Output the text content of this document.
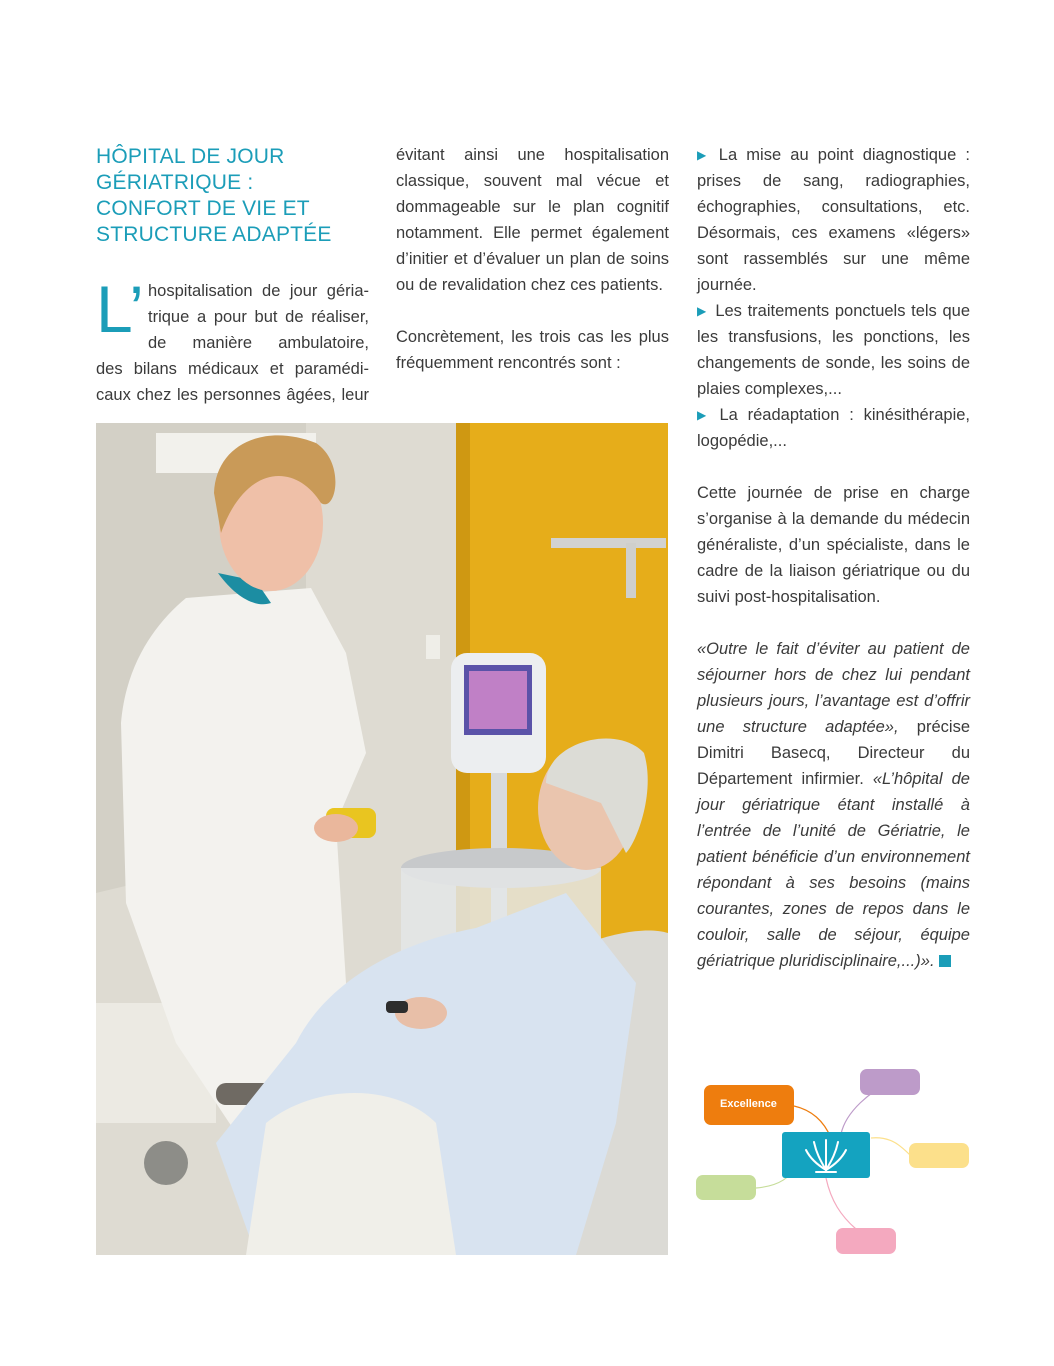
HÔPITAL DE JOUR
GÉRIATRIQUE :
CONFORT DE VIE ET
STRUCTURE ADAPTÉE
L’ hospitalisation de jour géria-
trique a pour but de réaliser,
de manière ambulatoire,
des bilans médicaux et paramédi-
caux chez les personnes âgées, leur

évitant ainsi une hospitalisation classique, souvent mal vécue et dommageable sur le plan cognitif notamment. Elle permet également d’initier et d’évaluer un plan de soins ou de revalidation chez ces patients.

Concrètement, les trois cas les plus fréquemment rencontrés sont :

▶ La mise au point diagnostique : prises de sang, radiographies, échographies, consultations, etc. Désormais, ces examens «légers» sont rassemblés sur une même journée.

▶ Les traitements ponctuels tels que les transfusions, les ponctions, les changements de sonde, les soins de plaies complexes,...

▶ La réadaptation : kinésithérapie, logopédie,...

Cette journée de prise en charge s’organise à la demande du médecin généraliste, d’un spécialiste, dans le cadre de la liaison gériatrique ou du suivi post-hospitalisation.

«Outre le fait d’éviter au patient de séjourner hors de chez lui pendant plusieurs jours, l’avantage est d’offrir une structure adaptée», précise Dimitri Basecq, Directeur du Département infirmier. «L’hôpital de jour gériatrique étant installé à l’entrée de l’unité de Gériatrie, le patient bénéficie d’un environnement répondant à ses besoins (mains courantes, zones de repos dans le couloir, salle de séjour, équipe gériatrique pluridisciplinaire,...)».

Excellence
